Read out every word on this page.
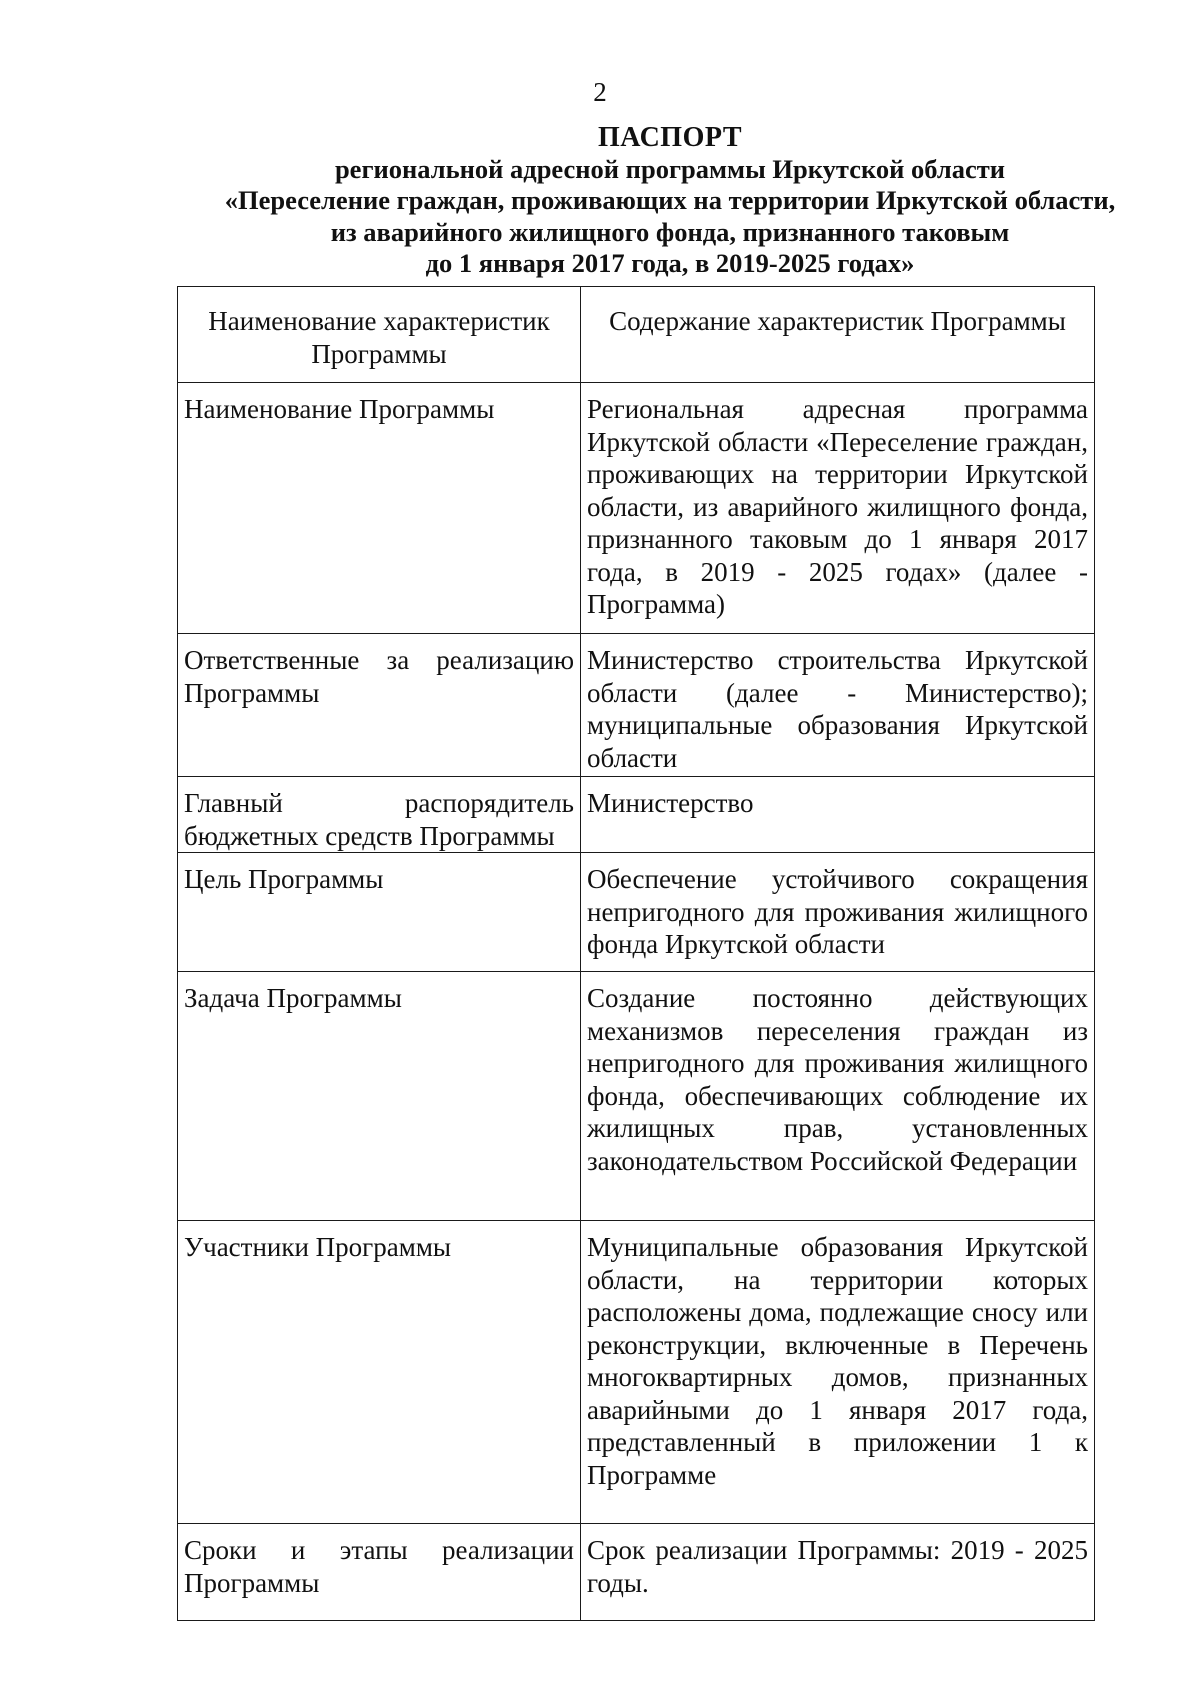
2
ПАСПОРТ
региональной адресной программы Иркутской области
«Переселение граждан, проживающих на территории Иркутской области,
из аварийного жилищного фонда, признанного таковым
до 1 января 2017 года, в 2019-2025 годах»
Наименование характеристик Программы	Содержание характеристик Программы
Наименование Программы	Региональная адресная программа Иркутской области «Переселение граждан, проживающих на территории Иркутской области, из аварийного жилищного фонда, признанного таковым до 1 января 2017 года, в 2019 - 2025 годах» (далее - Программа)
Ответственные за реализацию Программы	Министерство строительства Иркутской области (далее - Министерство); муниципальные образования Иркутской области
Главный распорядитель бюджетных средств Программы	Министерство
Цель Программы	Обеспечение устойчивого сокращения непригодного для проживания жилищного фонда Иркутской области
Задача Программы	Создание постоянно действующих механизмов переселения граждан из непригодного для проживания жилищного фонда, обеспечивающих соблюдение их жилищных прав, установленных законодательством Российской Федерации
Участники Программы	Муниципальные образования Иркутской области, на территории которых расположены дома, подлежащие сносу или реконструкции, включенные в Перечень многоквартирных домов, признанных аварийными до 1 января 2017 года, представленный в приложении 1 к Программе
Сроки и этапы реализации Программы	Срок реализации Программы: 2019 - 2025 годы.
